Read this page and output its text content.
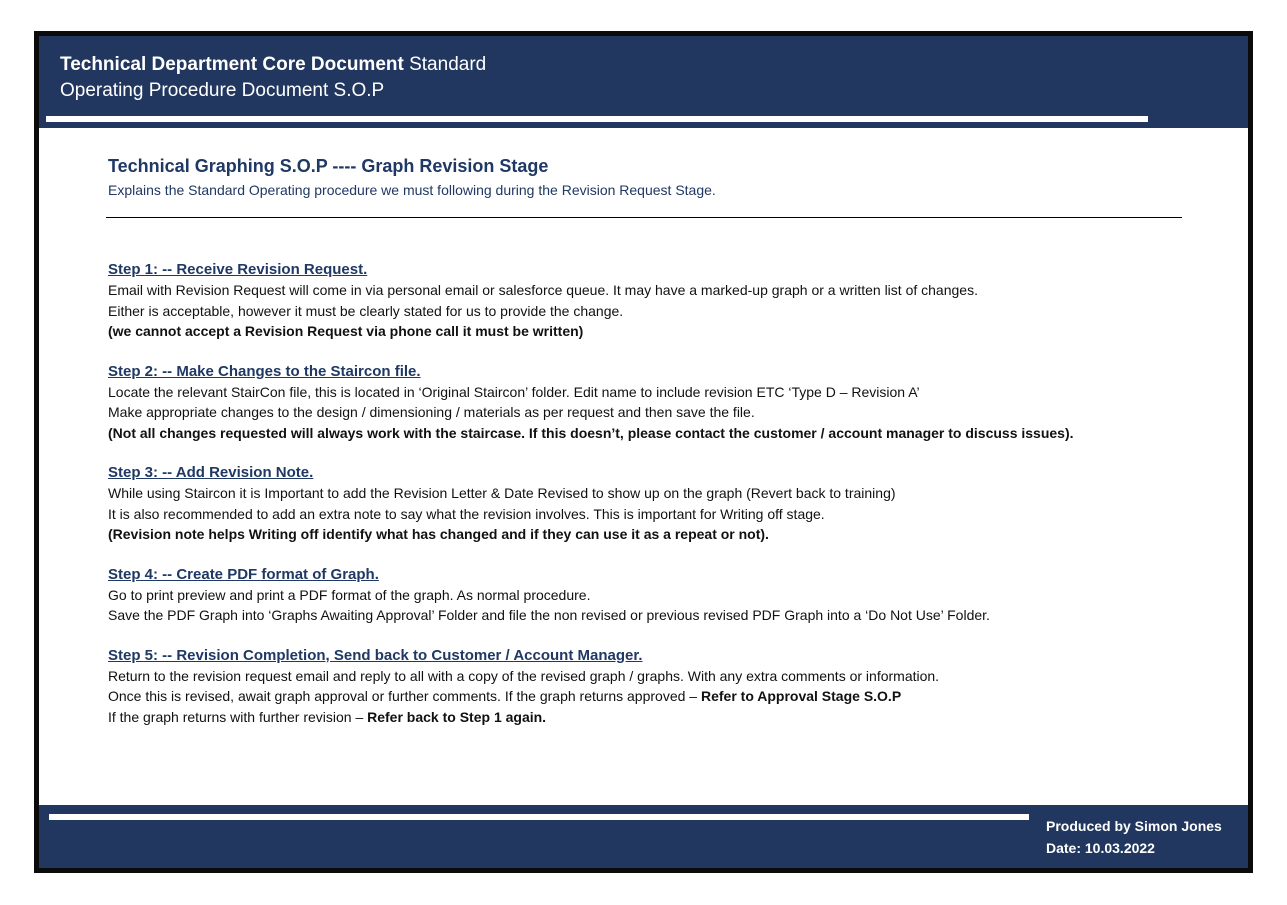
Technical Department Core Document Standard
Operating Procedure Document S.O.P
Technical Graphing S.O.P ---- Graph Revision Stage
Explains the Standard Operating procedure we must following during the Revision Request Stage.
Step 1: -- Receive Revision Request.
Email with Revision Request will come in via personal email or salesforce queue. It may have a marked-up graph or a written list of changes.
Either is acceptable, however it must be clearly stated for us to provide the change.
(we cannot accept a Revision Request via phone call it must be written)
Step 2: -- Make Changes to the Staircon file.
Locate the relevant StairCon file, this is located in ‘Original Staircon’ folder. Edit name to include revision ETC ‘Type D – Revision A’
Make appropriate changes to the design / dimensioning / materials as per request and then save the file.
(Not all changes requested will always work with the staircase. If this doesn’t, please contact the customer / account manager to discuss issues).
Step 3: -- Add Revision Note.
While using Staircon it is Important to add the Revision Letter & Date Revised to show up on the graph (Revert back to training)
It is also recommended to add an extra note to say what the revision involves. This is important for Writing off stage.
(Revision note helps Writing off identify what has changed and if they can use it as a repeat or not).
Step 4: -- Create PDF format of Graph.
Go to print preview and print a PDF format of the graph. As normal procedure.
Save the PDF Graph into ‘Graphs Awaiting Approval’ Folder and file the non revised or previous revised PDF Graph into a ‘Do Not Use’ Folder.
Step 5: -- Revision Completion, Send back to Customer / Account Manager.
Return to the revision request email and reply to all with a copy of the revised graph / graphs. With any extra comments or information.
Once this is revised, await graph approval or further comments. If the graph returns approved – Refer to Approval Stage S.O.P
If the graph returns with further revision – Refer back to Step 1 again.
Produced by Simon Jones
Date: 10.03.2022
